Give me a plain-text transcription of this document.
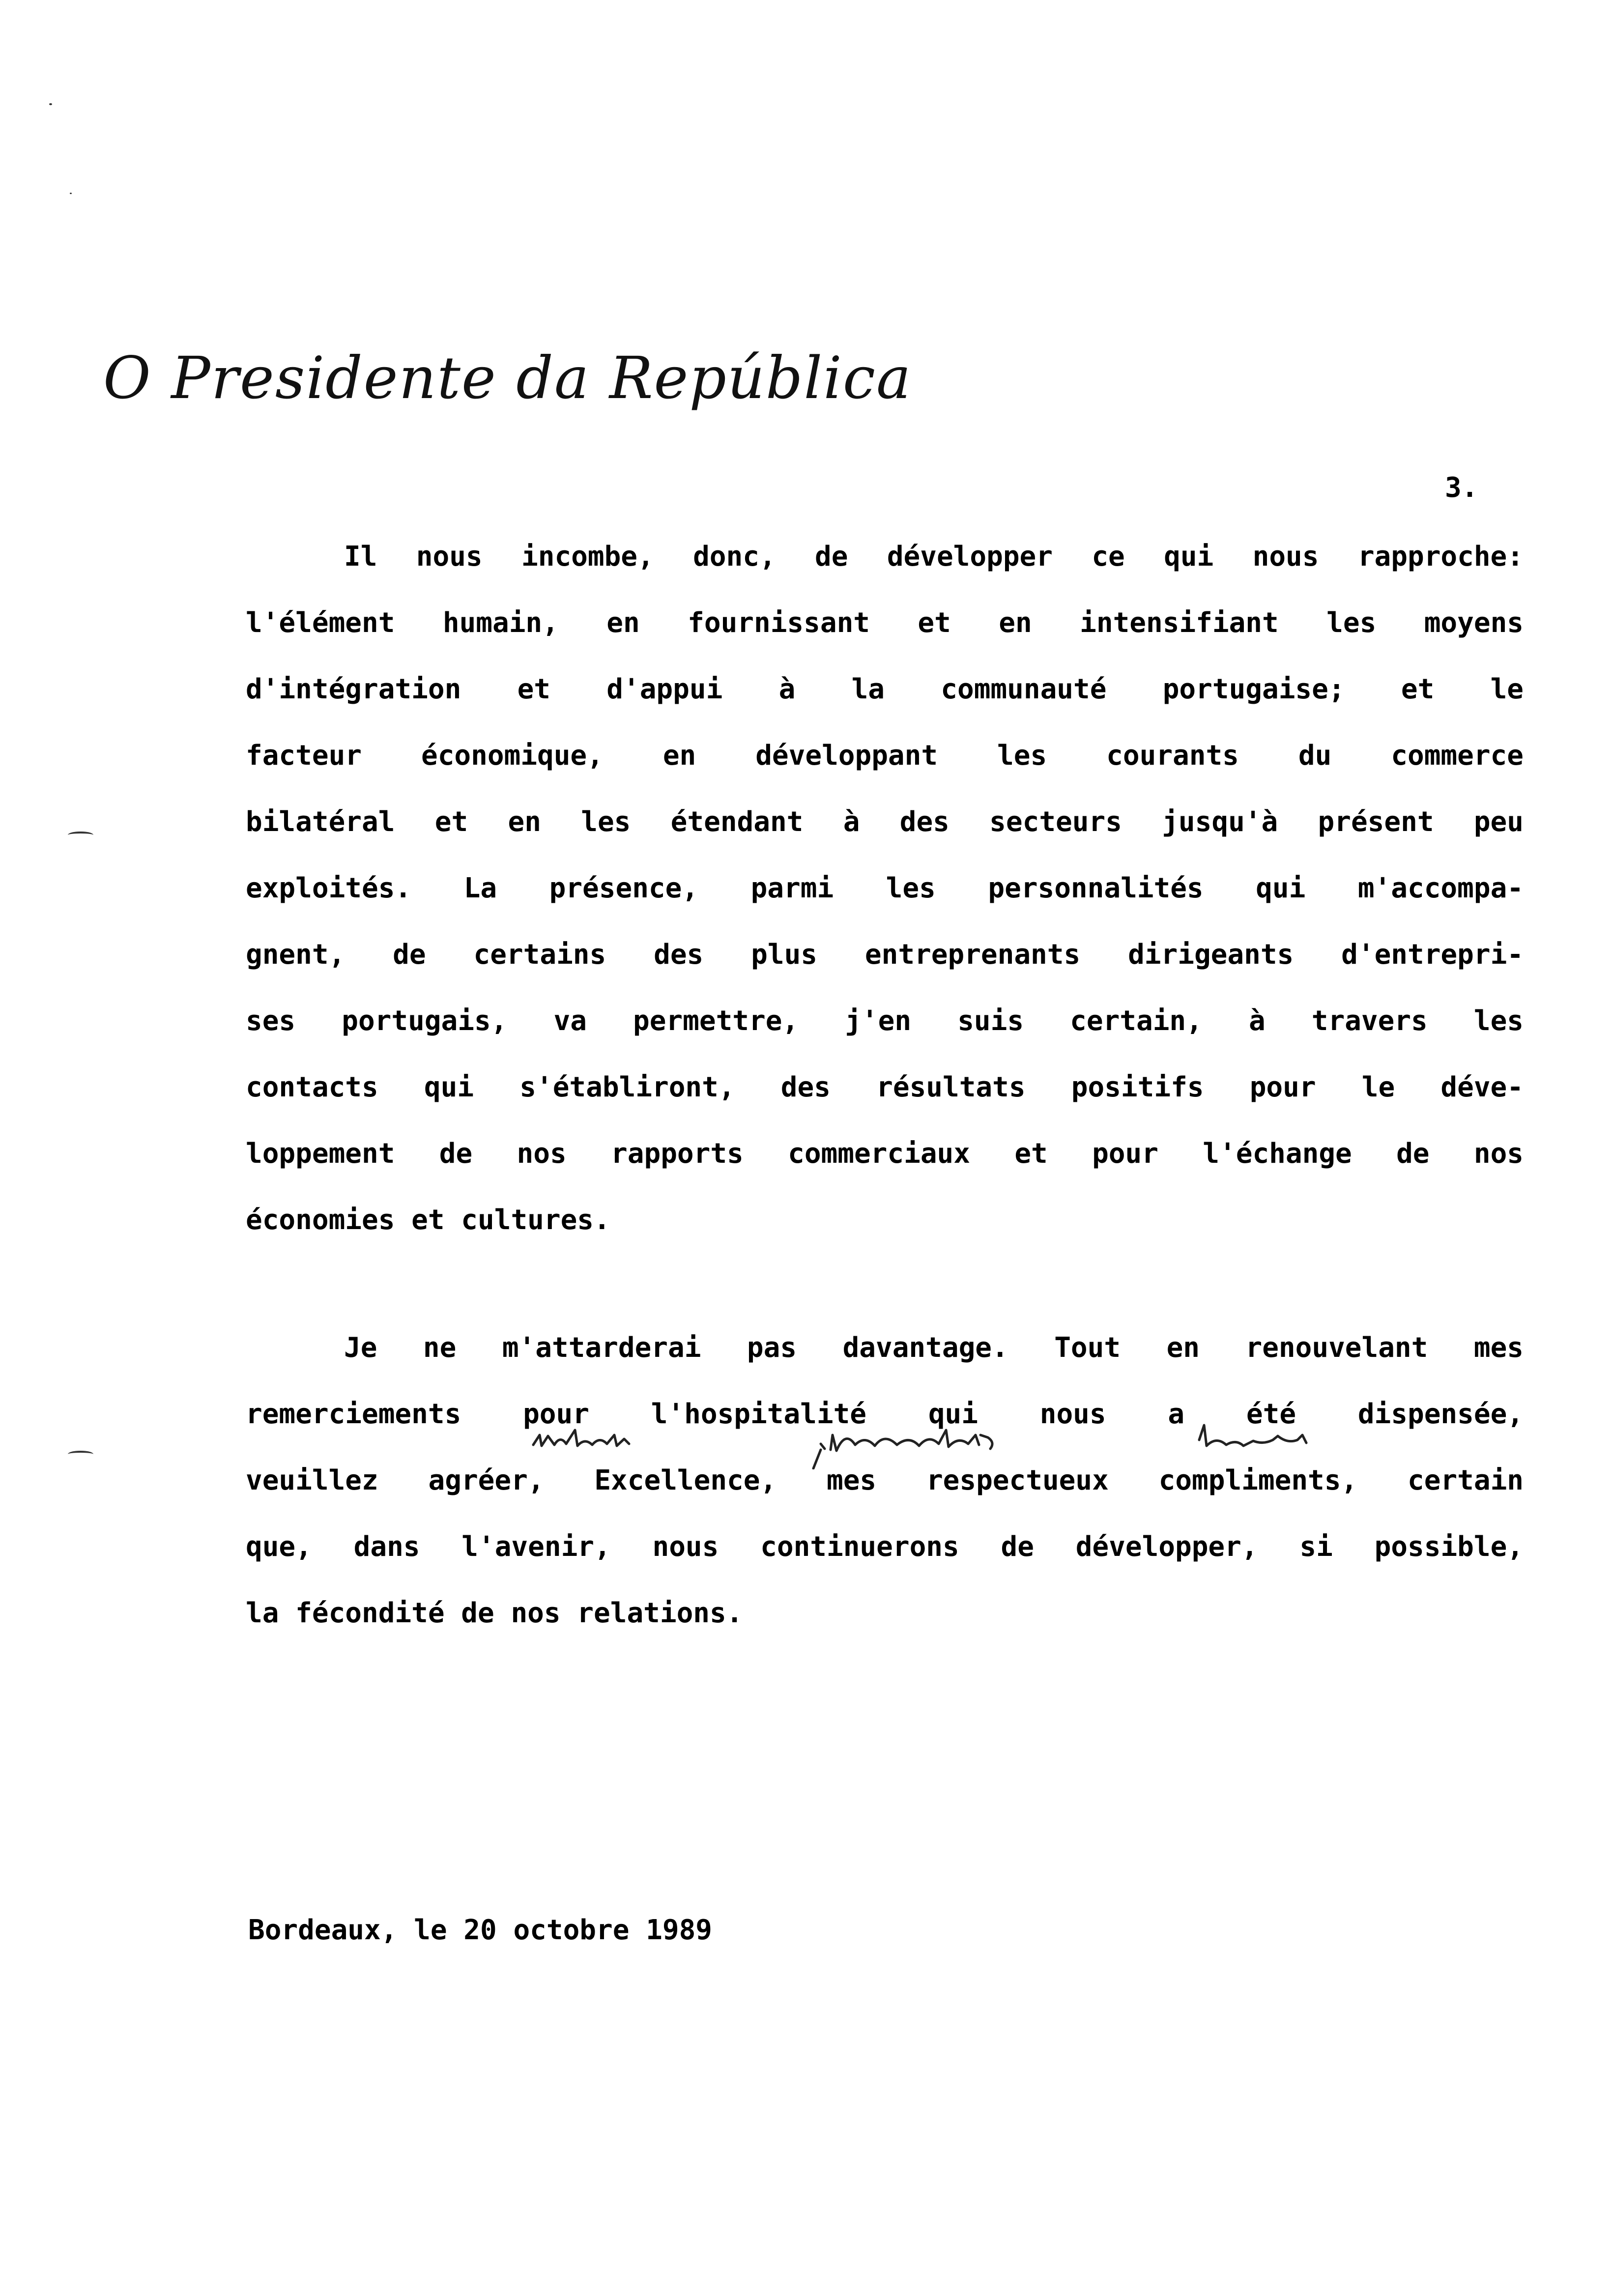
O Presidente da República
3.
Il nous incombe, donc, de développer ce qui nous rapproche:
l'élément humain, en fournissant et en intensifiant les moyens
d'intégration et d'appui à la communauté portugaise; et le
facteur économique, en développant les courants du commerce
bilatéral et en les étendant à des secteurs jusqu'à présent peu
exploités. La présence, parmi les personnalités qui m'accompa-
gnent, de certains des plus entreprenants dirigeants d'entrepri-
ses portugais, va permettre, j'en suis certain, à travers les
contacts qui s'établiront, des résultats positifs pour le déve-
loppement de nos rapports commerciaux et pour l'échange de nos
économies et cultures.
Je ne m'attarderai pas davantage. Tout en renouvelant mes
remerciements pour l'hospitalité qui nous a été dispensée,
veuillez agréer, Excellence, mes respectueux compliments, certain
que, dans l'avenir, nous continuerons de développer, si possible,
la fécondité de nos relations.
Bordeaux, le 20 octobre 1989
